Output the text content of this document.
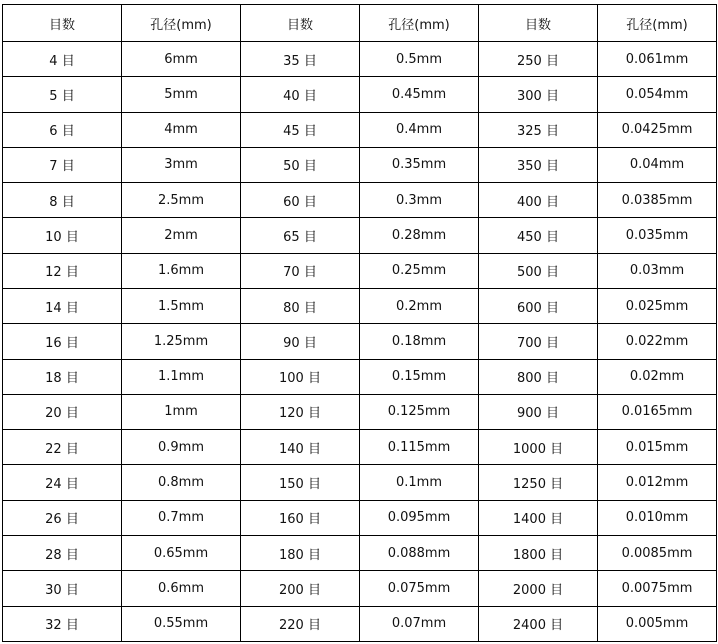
目数	孔径(mm)	目数	孔径(mm)	目数	孔径(mm)
4 目	6mm	35 目	0.5mm	250 目	0.061mm
5 目	5mm	40 目	0.45mm	300 目	0.054mm
6 目	4mm	45 目	0.4mm	325 目	0.0425mm
7 目	3mm	50 目	0.35mm	350 目	0.04mm
8 目	2.5mm	60 目	0.3mm	400 目	0.0385mm
10 目	2mm	65 目	0.28mm	450 目	0.035mm
12 目	1.6mm	70 目	0.25mm	500 目	0.03mm
14 目	1.5mm	80 目	0.2mm	600 目	0.025mm
16 目	1.25mm	90 目	0.18mm	700 目	0.022mm
18 目	1.1mm	100 目	0.15mm	800 目	0.02mm
20 目	1mm	120 目	0.125mm	900 目	0.0165mm
22 目	0.9mm	140 目	0.115mm	1000 目	0.015mm
24 目	0.8mm	150 目	0.1mm	1250 目	0.012mm
26 目	0.7mm	160 目	0.095mm	1400 目	0.010mm
28 目	0.65mm	180 目	0.088mm	1800 目	0.0085mm
30 目	0.6mm	200 目	0.075mm	2000 目	0.0075mm
32 目	0.55mm	220 目	0.07mm	2400 目	0.005mm
